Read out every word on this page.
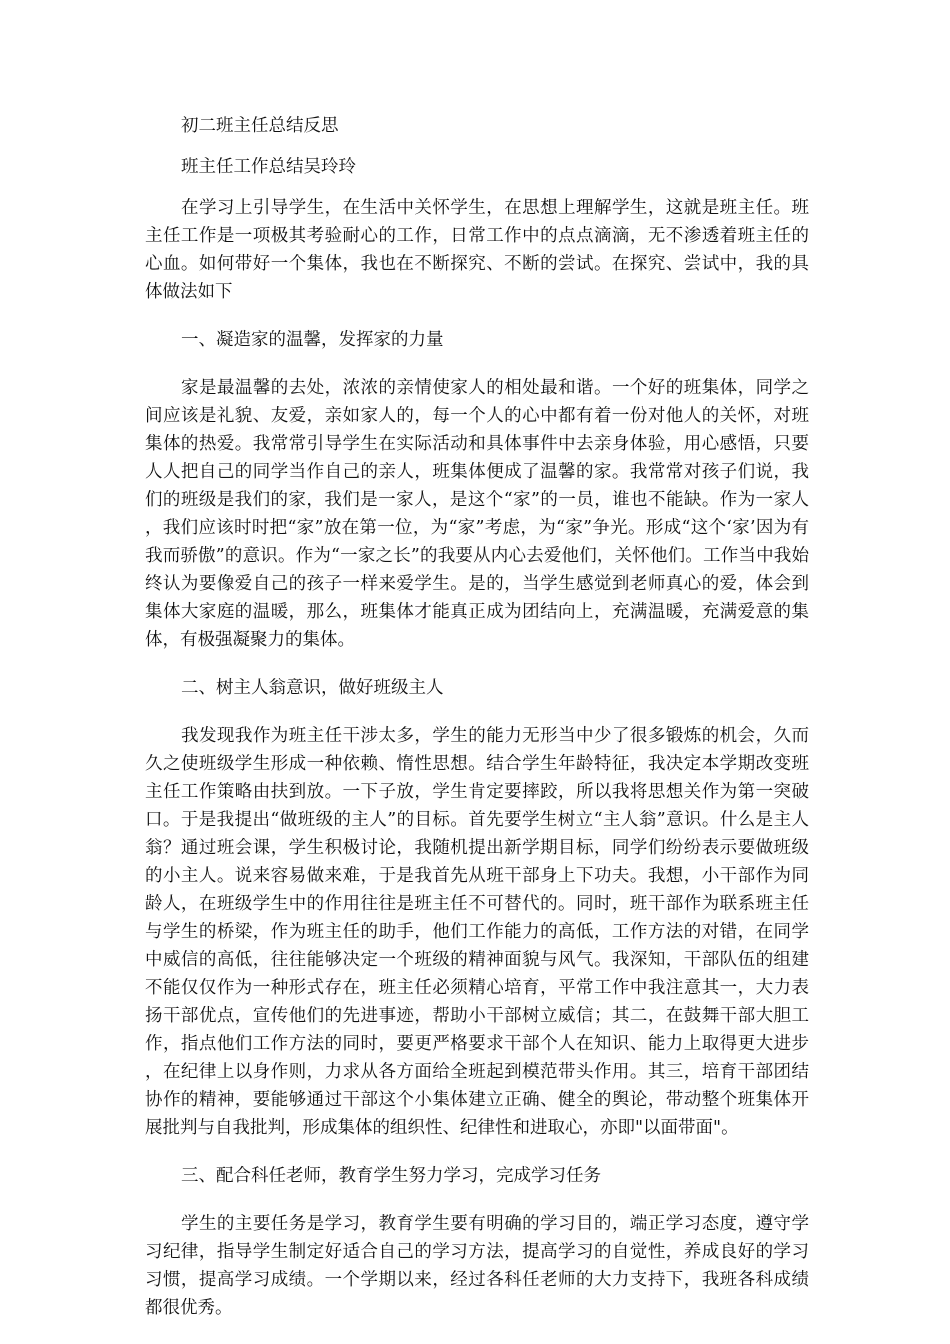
初二班主任总结反思

班主任工作总结吴玲玲

在学习上引导学生，在生活中关怀学生，在思想上理解学生，这就是班主任。班主任工作是一项极其考验耐心的工作，日常工作中的点点滴滴，无不渗透着班主任的心血。如何带好一个集体，我也在不断探究、不断的尝试。在探究、尝试中，我的具体做法如下

一、凝造家的温馨，发挥家的力量

家是最温馨的去处，浓浓的亲情使家人的相处最和谐。一个好的班集体，同学之间应该是礼貌、友爱，亲如家人的，每一个人的心中都有着一份对他人的关怀，对班集体的热爱。我常常引导学生在实际活动和具体事件中去亲身体验，用心感悟，只要人人把自己的同学当作自己的亲人，班集体便成了温馨的家。我常常对孩子们说，我们的班级是我们的家，我们是一家人，是这个“家”的一员，谁也不能缺。作为一家人，我们应该时时把“家”放在第一位，为“家”考虑，为“家”争光。形成“这个‘家’因为有我而骄傲”的意识。作为“一家之长”的我要从内心去爱他们，关怀他们。工作当中我始终认为要像爱自己的孩子一样来爱学生。是的，当学生感觉到老师真心的爱，体会到集体大家庭的温暖，那么，班集体才能真正成为团结向上，充满温暖，充满爱意的集体，有极强凝聚力的集体。

二、树主人翁意识，做好班级主人

我发现我作为班主任干涉太多，学生的能力无形当中少了很多锻炼的机会，久而久之使班级学生形成一种依赖、惰性思想。结合学生年龄特征，我决定本学期改变班主任工作策略由扶到放。一下子放，学生肯定要摔跤，所以我将思想关作为第一突破口。于是我提出“做班级的主人”的目标。首先要学生树立“主人翁”意识。什么是主人翁？通过班会课，学生积极讨论，我随机提出新学期目标，同学们纷纷表示要做班级的小主人。说来容易做来难，于是我首先从班干部身上下功夫。我想，小干部作为同龄人，在班级学生中的作用往往是班主任不可替代的。同时，班干部作为联系班主任与学生的桥梁，作为班主任的助手，他们工作能力的高低，工作方法的对错，在同学中威信的高低，往往能够决定一个班级的精神面貌与风气。我深知，干部队伍的组建不能仅仅作为一种形式存在，班主任必须精心培育，平常工作中我注意其一，大力表扬干部优点，宣传他们的先进事迹，帮助小干部树立威信；其二，在鼓舞干部大胆工作，指点他们工作方法的同时，要更严格要求干部个人在知识、能力上取得更大进步，在纪律上以身作则，力求从各方面给全班起到模范带头作用。其三，培育干部团结协作的精神，要能够通过干部这个小集体建立正确、健全的舆论，带动整个班集体开展批判与自我批判，形成集体的组织性、纪律性和进取心，亦即"以面带面"。

三、配合科任老师，教育学生努力学习，完成学习任务

学生的主要任务是学习，教育学生要有明确的学习目的，端正学习态度，遵守学习纪律，指导学生制定好适合自己的学习方法，提高学习的自觉性，养成良好的学习习惯，提高学习成绩。一个学期以来，经过各科任老师的大力支持下，我班各科成绩都很优秀。
